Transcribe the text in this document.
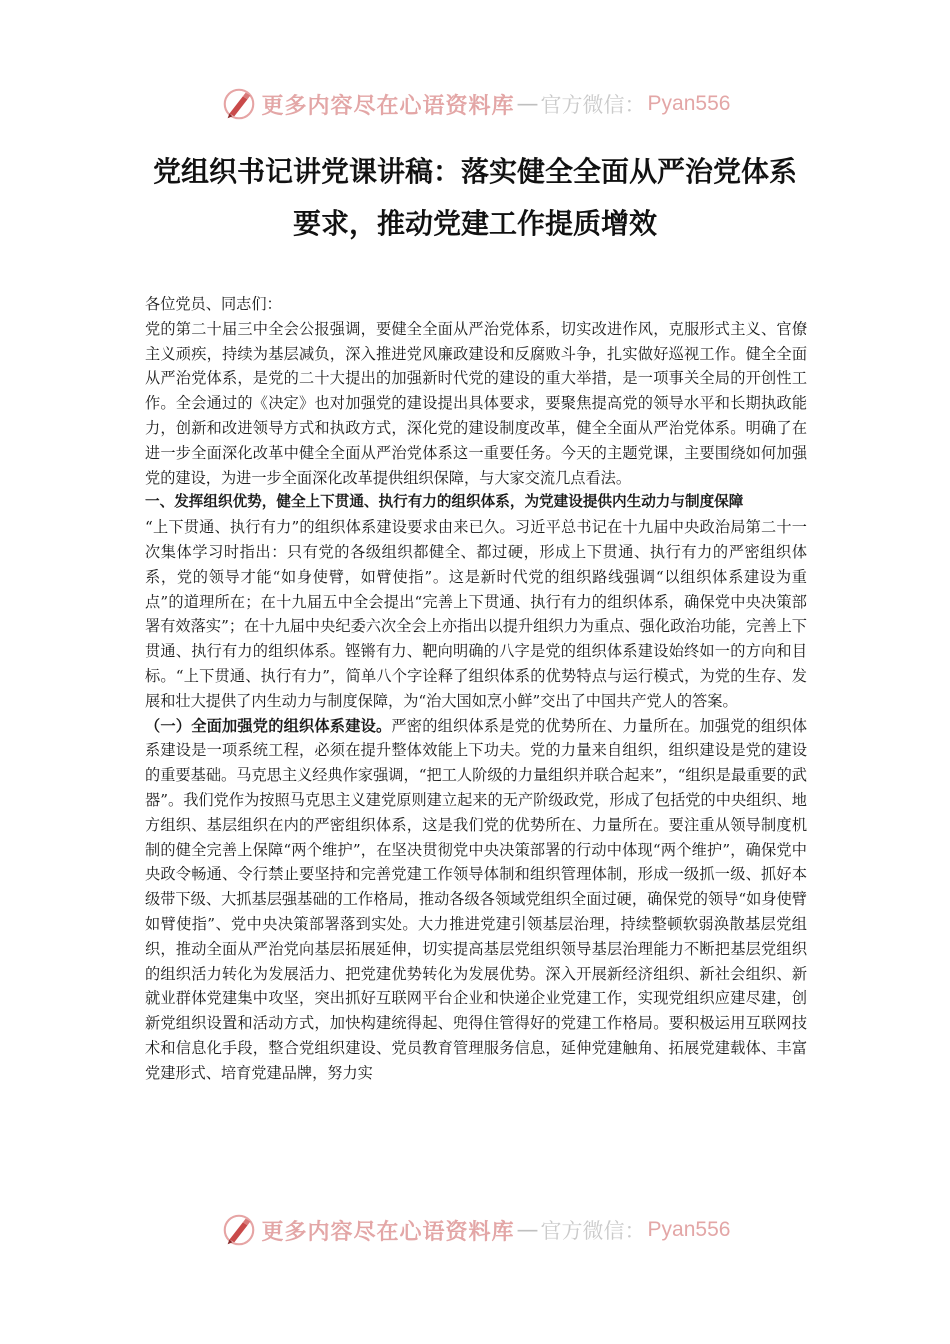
更多内容尽在心语资料库 — 官方微信： Pyan556
党组织书记讲党课讲稿：落实健全全面从严治党体系要求，推动党建工作提质增效

各位党员、同志们：

党的第二十届三中全会公报强调，要健全全面从严治党体系，切实改进作风，克服形式主义、官僚主义顽疾，持续为基层减负，深入推进党风廉政建设和反腐败斗争，扎实做好巡视工作。健全全面从严治党体系，是党的二十大提出的加强新时代党的建设的重大举措，是一项事关全局的开创性工作。全会通过的《决定》也对加强党的建设提出具体要求，要聚焦提高党的领导水平和长期执政能力，创新和改进领导方式和执政方式，深化党的建设制度改革，健全全面从严治党体系。明确了在进一步全面深化改革中健全全面从严治党体系这一重要任务。今天的主题党课，主要围绕如何加强党的建设，为进一步全面深化改革提供组织保障，与大家交流几点看法。

一、发挥组织优势，健全上下贯通、执行有力的组织体系，为党建设提供内生动力与制度保障

“上下贯通、执行有力”的组织体系建设要求由来已久。习近平总书记在十九届中央政治局第二十一次集体学习时指出：只有党的各级组织都健全、都过硬，形成上下贯通、执行有力的严密组织体系，党的领导才能“如身使臂，如臂使指”。这是新时代党的组织路线强调“以组织体系建设为重点”的道理所在；在十九届五中全会提出“完善上下贯通、执行有力的组织体系，确保党中央决策部署有效落实”；在十九届中央纪委六次全会上亦指出以提升组织力为重点、强化政治功能，完善上下贯通、执行有力的组织体系。铿锵有力、靶向明确的八字是党的组织体系建设始终如一的方向和目标。“上下贯通、执行有力”，简单八个字诠释了组织体系的优势特点与运行模式，为党的生存、发展和壮大提供了内生动力与制度保障，为“治大国如烹小鲜”交出了中国共产党人的答案。

（一）全面加强党的组织体系建设。严密的组织体系是党的优势所在、力量所在。加强党的组织体系建设是一项系统工程，必须在提升整体效能上下功夫。党的力量来自组织，组织建设是党的建设的重要基础。马克思主义经典作家强调，“把工人阶级的力量组织并联合起来”，“组织是最重要的武器”。我们党作为按照马克思主义建党原则建立起来的无产阶级政党，形成了包括党的中央组织、地方组织、基层组织在内的严密组织体系，这是我们党的优势所在、力量所在。要注重从领导制度机制的健全完善上保障“两个维护”，在坚决贯彻党中央决策部署的行动中体现“两个维护”，确保党中央政令畅通、令行禁止要坚持和完善党建工作领导体制和组织管理体制，形成一级抓一级、抓好本级带下级、大抓基层强基础的工作格局，推动各级各领域党组织全面过硬，确保党的领导“如身使臂如臂使指”、党中央决策部署落到实处。大力推进党建引领基层治理，持续整顿软弱涣散基层党组织，推动全面从严治党向基层拓展延伸，切实提高基层党组织领导基层治理能力不断把基层党组织的组织活力转化为发展活力、把党建优势转化为发展优势。深入开展新经济组织、新社会组织、新就业群体党建集中攻坚，突出抓好互联网平台企业和快递企业党建工作，实现党组织应建尽建，创新党组织设置和活动方式，加快构建统得起、兜得住管得好的党建工作格局。要积极运用互联网技术和信息化手段，整合党组织建设、党员教育管理服务信息，延伸党建触角、拓展党建载体、丰富党建形式、培育党建品牌，努力实

更多内容尽在心语资料库 — 官方微信： Pyan556
